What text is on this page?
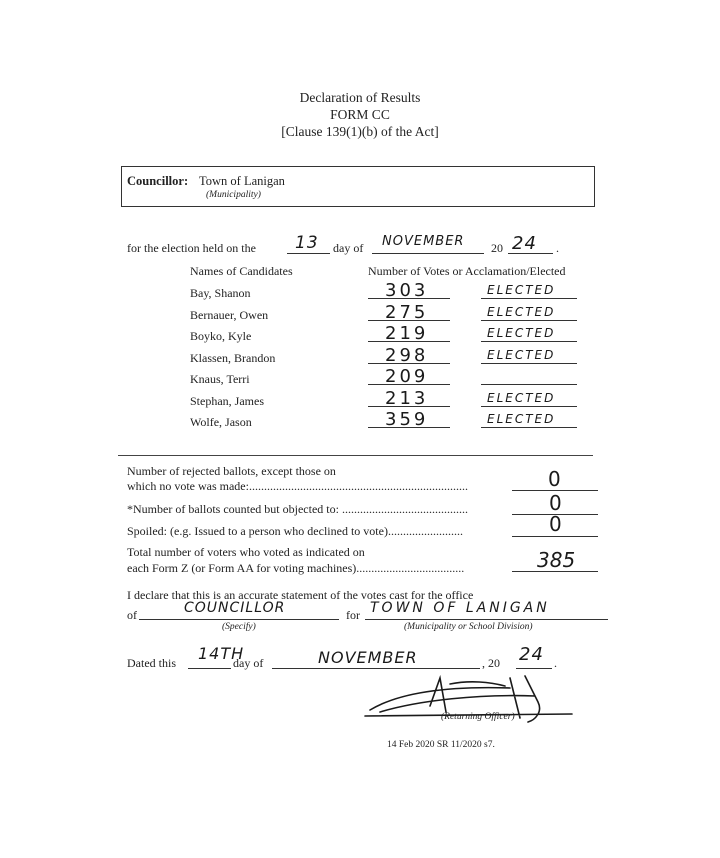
Declaration of Results
FORM CC
[Clause 139(1)(b) of the Act]
Councillor: Town of Lanigan
(Municipality)
for the election held on the 13 day of NOVEMBER 20 24 .
Names of Candidates	Number of Votes or Acclamation/Elected
Bay, Shanon	303	ELECTED
Bernauer, Owen	275	ELECTED
Boyko, Kyle	219	ELECTED
Klassen, Brandon	298	ELECTED
Knaus, Terri	209
Stephan, James	213	ELECTED
Wolfe, Jason	359	ELECTED
Number of rejected ballots, except those on
which no vote was made:.........................................................................	0
*Number of ballots counted but objected to: ..........................................	0
Spoiled: (e.g. Issued to a person who declined to vote).........................	0
Total number of voters who voted as indicated on
each Form Z (or Form AA for voting machines)....................................	385
I declare that this is an accurate statement of the votes cast for the office
of	COUNCILLOR
(Specify)
for TOWN OF LANIGAN
(Municipality or School Division)
Dated this 14TH
day of	NOVEMBER	, 20 24 .
(Returning Officer)
14 Feb 2020 SR 11/2020 s7.
